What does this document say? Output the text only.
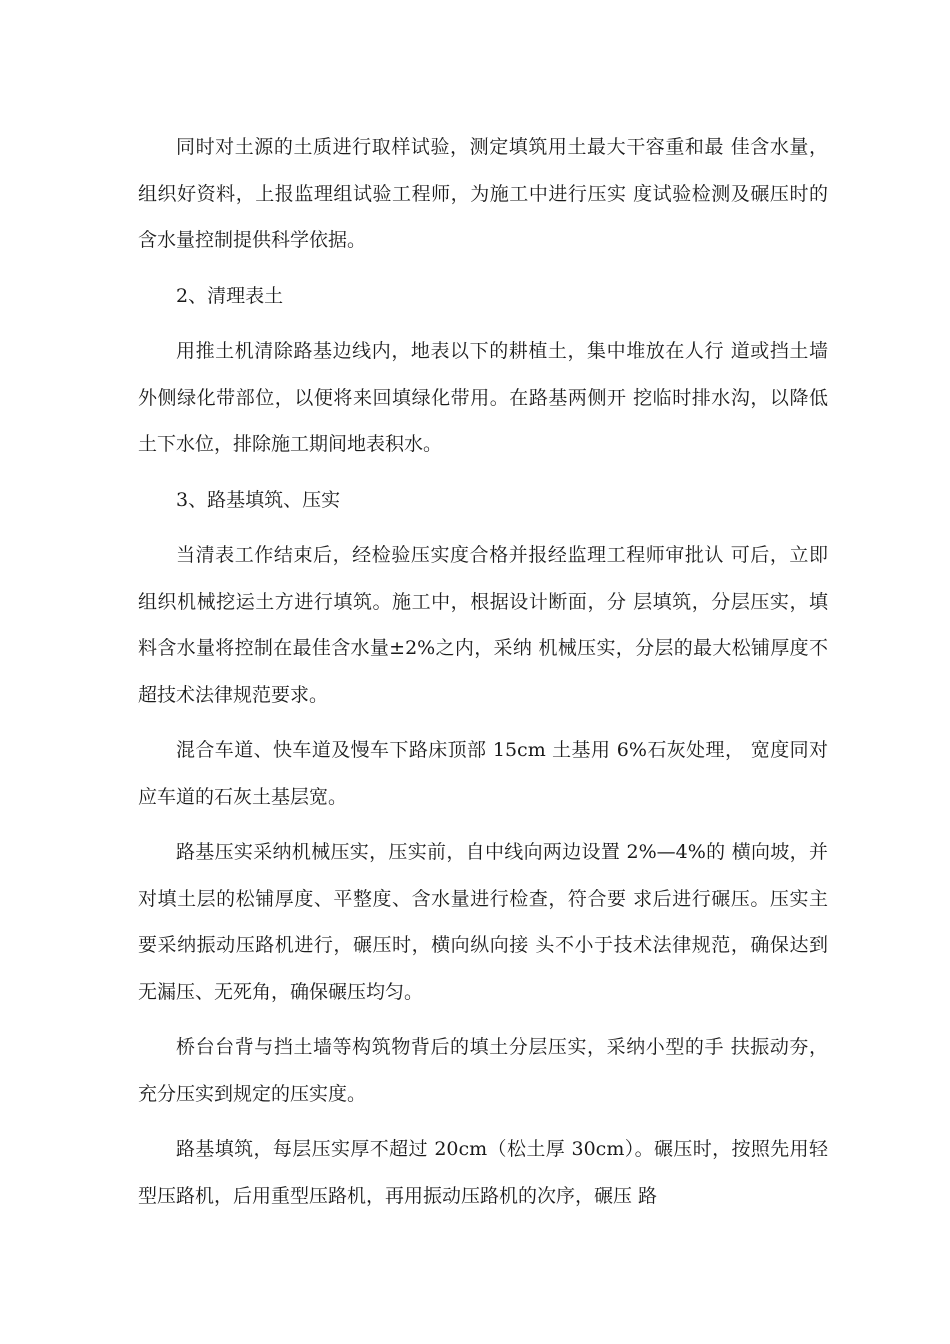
同时对土源的土质进行取样试验，测定填筑用土最大干容重和最 佳含水量，组织好资料，上报监理组试验工程师，为施工中进行压实 度试验检测及碾压时的含水量控制提供科学依据。

2、清理表土

用推土机清除路基边线内，地表以下的耕植土，集中堆放在人行 道或挡土墙外侧绿化带部位，以便将来回填绿化带用。在路基两侧开 挖临时排水沟，以降低土下水位，排除施工期间地表积水。

3、路基填筑、压实

当清表工作结束后，经检验压实度合格并报经监理工程师审批认 可后，立即组织机械挖运土方进行填筑。施工中，根据设计断面，分 层填筑，分层压实，填料含水量将控制在最佳含水量±2%之内，采纳 机械压实，分层的最大松铺厚度不超技术法律规范要求。

混合车道、快车道及慢车下路床顶部 15cm 土基用 6%石灰处理， 宽度同对应车道的石灰土基层宽。

路基压实采纳机械压实，压实前，自中线向两边设置 2%—4%的 横向坡，并对填土层的松铺厚度、平整度、含水量进行检查，符合要 求后进行碾压。压实主要采纳振动压路机进行，碾压时，横向纵向接 头不小于技术法律规范，确保达到无漏压、无死角，确保碾压均匀。

桥台台背与挡土墙等构筑物背后的填土分层压实，采纳小型的手 扶振动夯，充分压实到规定的压实度。

路基填筑，每层压实厚不超过 20cm（松土厚 30cm）。碾压时，按照先用轻型压路机，后用重型压路机，再用振动压路机的次序，碾压 路
